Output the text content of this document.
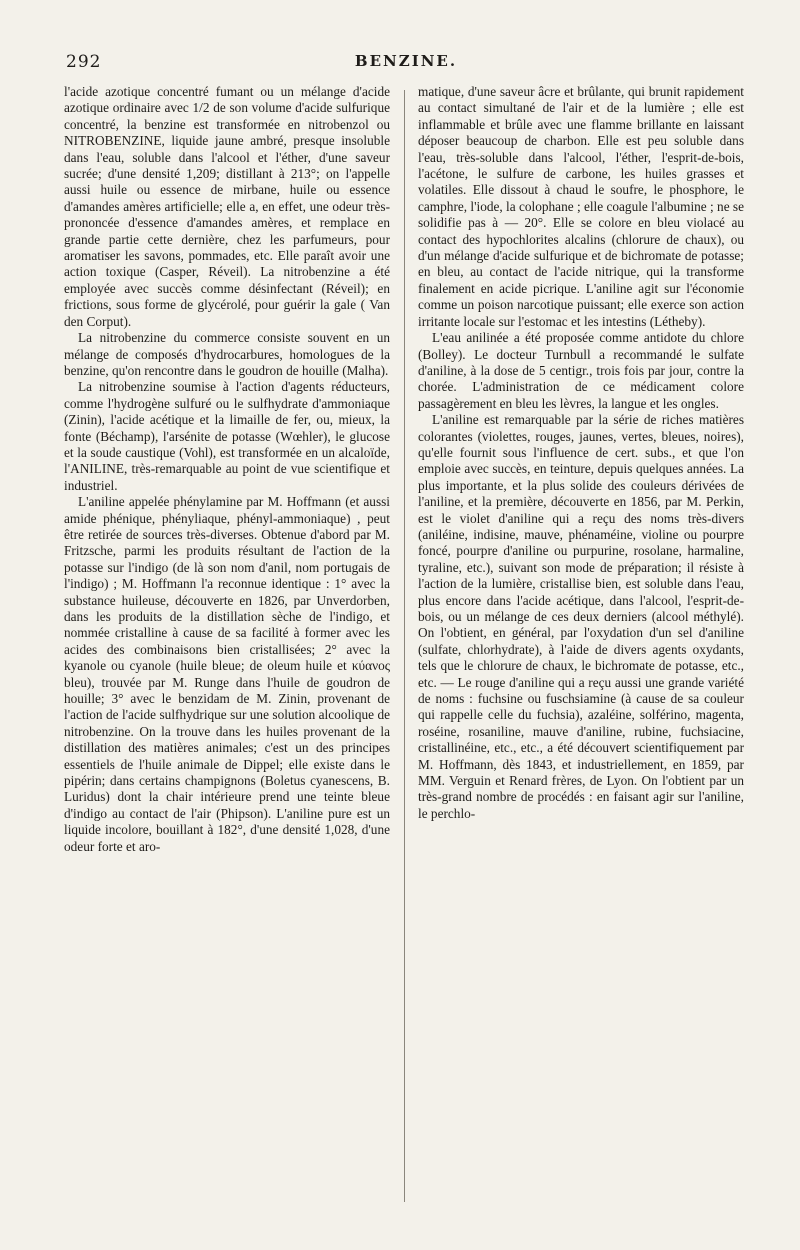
292	BENZINE.

l'acide azotique concentré fumant ou un mélange d'acide azotique ordinaire avec 1/2 de son volume d'acide sulfurique concentré, la benzine est transformée en nitrobenzol ou NITROBENZINE, liquide jaune ambré, presque insoluble dans l'eau, soluble dans l'alcool et l'éther, d'une saveur sucrée; d'une densité 1,209; distillant à 213°; on l'appelle aussi huile ou essence de mirbane, huile ou essence d'amandes amères artificielle; elle a, en effet, une odeur très-prononcée d'essence d'amandes amères, et remplace en grande partie cette dernière, chez les parfumeurs, pour aromatiser les savons, pommades, etc. Elle paraît avoir une action toxique (Casper, Réveil). La nitrobenzine a été employée avec succès comme désinfectant (Réveil); en frictions, sous forme de glycérolé, pour guérir la gale ( Van den Corput).

La nitrobenzine du commerce consiste souvent en un mélange de composés d'hydrocarbures, homologues de la benzine, qu'on rencontre dans le goudron de houille (Malha).

La nitrobenzine soumise à l'action d'agents réducteurs, comme l'hydrogène sulfuré ou le sulfhydrate d'ammoniaque (Zinin), l'acide acétique et la limaille de fer, ou, mieux, la fonte (Béchamp), l'arsénite de potasse (Wœhler), le glucose et la soude caustique (Vohl), est transformée en un alcaloïde, l'ANILINE, très-remarquable au point de vue scientifique et industriel.

L'aniline appelée phénylamine par M. Hoffmann (et aussi amide phénique, phényliaque, phényl-ammoniaque) , peut être retirée de sources très-diverses. Obtenue d'abord par M. Fritzsche, parmi les produits résultant de l'action de la potasse sur l'indigo (de là son nom d'anil, nom portugais de l'indigo) ; M. Hoffmann l'a reconnue identique : 1° avec la substance huileuse, découverte en 1826, par Unverdorben, dans les produits de la distillation sèche de l'indigo, et nommée cristalline à cause de sa facilité à former avec les acides des combinaisons bien cristallisées; 2° avec la kyanole ou cyanole (huile bleue; de oleum huile et κύανος bleu), trouvée par M. Runge dans l'huile de goudron de houille; 3° avec le benzidam de M. Zinin, provenant de l'action de l'acide sulfhydrique sur une solution alcoolique de nitrobenzine. On la trouve dans les huiles provenant de la distillation des matières animales; c'est un des principes essentiels de l'huile animale de Dippel; elle existe dans le pipérin; dans certains champignons (Boletus cyanescens, B. Luridus) dont la chair intérieure prend une teinte bleue d'indigo au contact de l'air (Phipson). L'aniline pure est un liquide incolore, bouillant à 182°, d'une densité 1,028, d'une odeur forte et aro-

matique, d'une saveur âcre et brûlante, qui brunit rapidement au contact simultané de l'air et de la lumière ; elle est inflammable et brûle avec une flamme brillante en laissant déposer beaucoup de charbon. Elle est peu soluble dans l'eau, très-soluble dans l'alcool, l'éther, l'esprit-de-bois, l'acétone, le sulfure de carbone, les huiles grasses et volatiles. Elle dissout à chaud le soufre, le phosphore, le camphre, l'iode, la colophane ; elle coagule l'albumine ; ne se solidifie pas à — 20°. Elle se colore en bleu violacé au contact des hypochlorites alcalins (chlorure de chaux), ou d'un mélange d'acide sulfurique et de bichromate de potasse; en bleu, au contact de l'acide nitrique, qui la transforme finalement en acide picrique. L'aniline agit sur l'économie comme un poison narcotique puissant; elle exerce son action irritante locale sur l'estomac et les intestins (Létheby).

L'eau anilinée a été proposée comme antidote du chlore (Bolley). Le docteur Turnbull a recommandé le sulfate d'aniline, à la dose de 5 centigr., trois fois par jour, contre la chorée. L'administration de ce médicament colore passagèrement en bleu les lèvres, la langue et les ongles.

L'aniline est remarquable par la série de riches matières colorantes (violettes, rouges, jaunes, vertes, bleues, noires), qu'elle fournit sous l'influence de cert. subs., et que l'on emploie avec succès, en teinture, depuis quelques années. La plus importante, et la plus solide des couleurs dérivées de l'aniline, et la première, découverte en 1856, par M. Perkin, est le violet d'aniline qui a reçu des noms très-divers (aniléine, indisine, mauve, phénaméine, violine ou pourpre foncé, pourpre d'aniline ou purpurine, rosolane, harmaline, tyraline, etc.), suivant son mode de préparation; il résiste à l'action de la lumière, cristallise bien, est soluble dans l'eau, plus encore dans l'acide acétique, dans l'alcool, l'esprit-de- bois, ou un mélange de ces deux derniers (alcool méthylé). On l'obtient, en général, par l'oxydation d'un sel d'aniline (sulfate, chlorhydrate), à l'aide de divers agents oxydants, tels que le chlorure de chaux, le bichromate de potasse, etc., etc. — Le rouge d'aniline qui a reçu aussi une grande variété de noms : fuchsine ou fuschsiamine (à cause de sa couleur qui rappelle celle du fuchsia), azaléine, solférino, magenta, roséine, rosaniline, mauve d'aniline, rubine, fuchsiacine, cristallinéine, etc., etc., a été découvert scientifiquement par M. Hoffmann, dès 1843, et industriellement, en 1859, par MM. Verguin et Renard frères, de Lyon. On l'obtient par un très-grand nombre de procédés : en faisant agir sur l'aniline, le perchlo-
